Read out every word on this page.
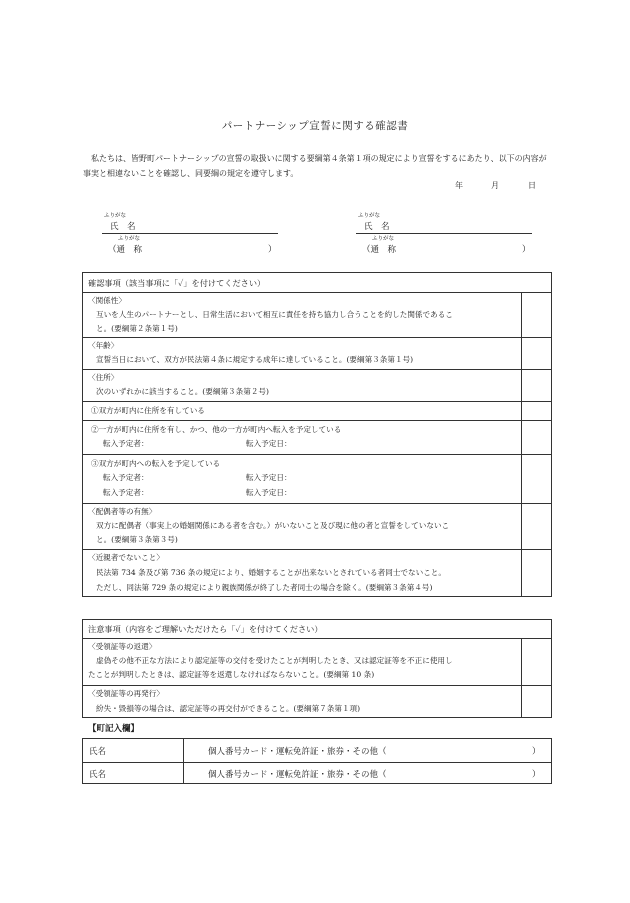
パートナーシップ宣誓に関する確認書
私たちは、皆野町パートナーシップの宣誓の取扱いに関する要綱第４条第１項の規定により宣誓をするにあたり、以下の内容が事実と相違ないことを確認し、同要綱の規定を遵守します。
年	月	日
ふりがな
氏　名
ふりがな
（通　称	）
ふりがな
氏　名
ふりがな
（通　称	）
確認事項（該当事項に「✓」を付けてください）
〈関係性〉
互いを人生のパートナーとし、日常生活において相互に責任を持ち協力し合うことを約した関係であるこ
と。(要綱第２条第１号)
〈年齢〉
宣誓当日において、双方が民法第４条に規定する成年に達していること。(要綱第３条第１号)
〈住所〉
次のいずれかに該当すること。(要綱第３条第２号)
①双方が町内に住所を有している
②一方が町内に住所を有し、かつ、他の一方が町内へ転入を予定している
転入予定者：	転入予定日：
③双方が町内への転入を予定している
転入予定者：	転入予定日：
転入予定者：	転入予定日：
〈配偶者等の有無〉
双方に配偶者（事実上の婚姻関係にある者を含む。）がいないこと及び現に他の者と宣誓をしていないこ
と。(要綱第３条第３号)
〈近親者でないこと〉
民法第 734 条及び第 736 条の規定により、婚姻することが出来ないとされている者同士でないこと。
ただし、同法第 729 条の規定により親族関係が終了した者同士の場合を除く。(要綱第３条第４号)
注意事項（内容をご理解いただけたら「✓」を付けてください）
〈受領証等の返還〉
虚偽その他不正な方法により認定証等の交付を受けたことが判明したとき、又は認定証等を不正に使用し
たことが判明したときは、認定証等を返還しなければならないこと。(要綱第 10 条)
〈受領証等の再発行〉
紛失・毀損等の場合は、認定証等の再交付ができること。(要綱第７条第１項)
【町記入欄】
氏名	個人番号カード・運転免許証・旅券・その他（	）
氏名	個人番号カード・運転免許証・旅券・その他（	）
